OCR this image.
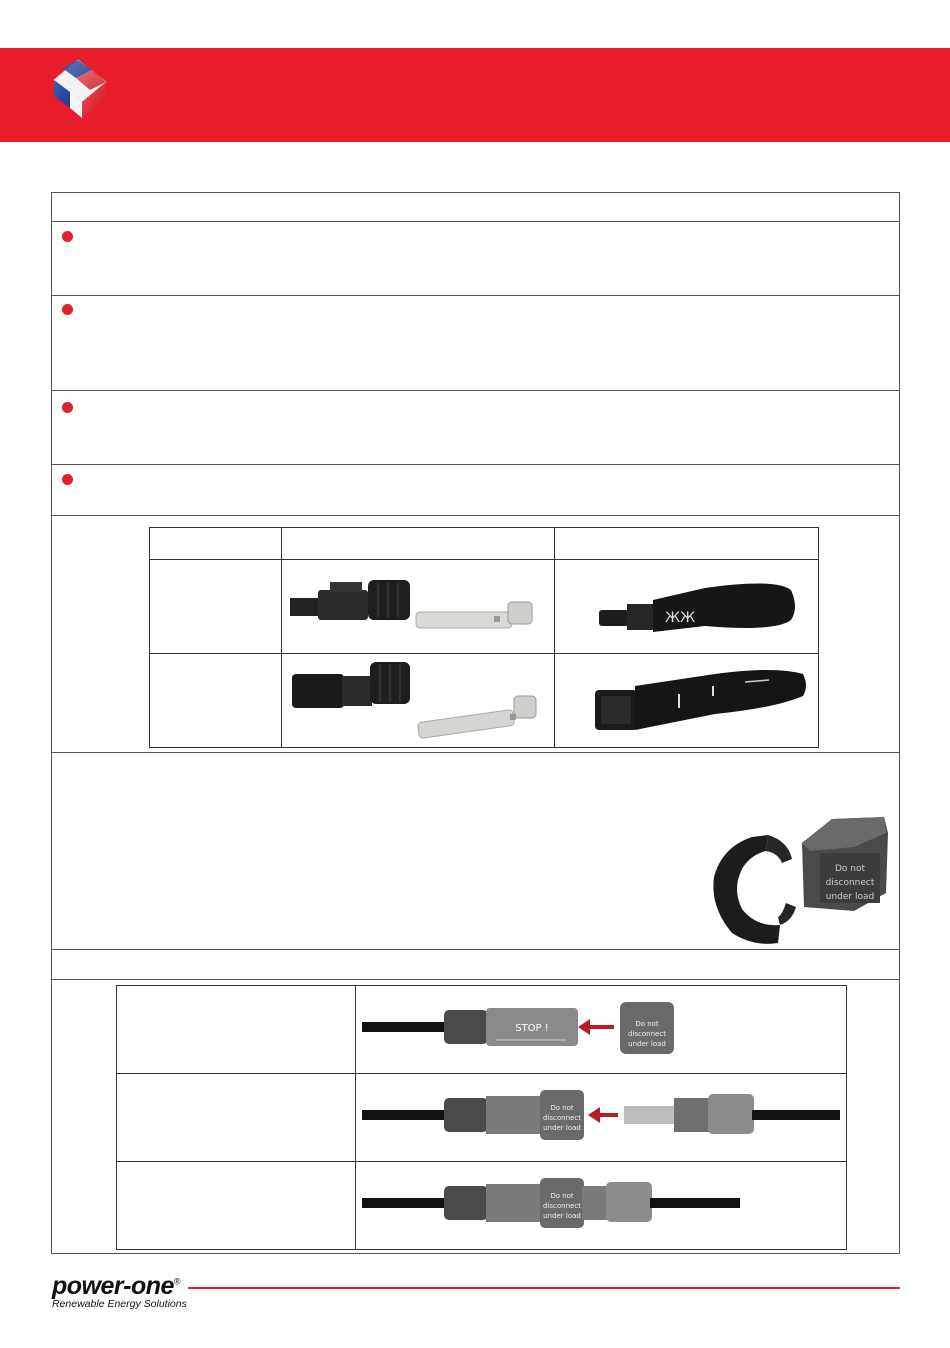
ЖЖ

Do not
disconnect
under load

STOP ! Do not
disconnect
under load

Do not
disconnect
under load

Do not
disconnect
under load
power-one®
Renewable Energy Solutions
